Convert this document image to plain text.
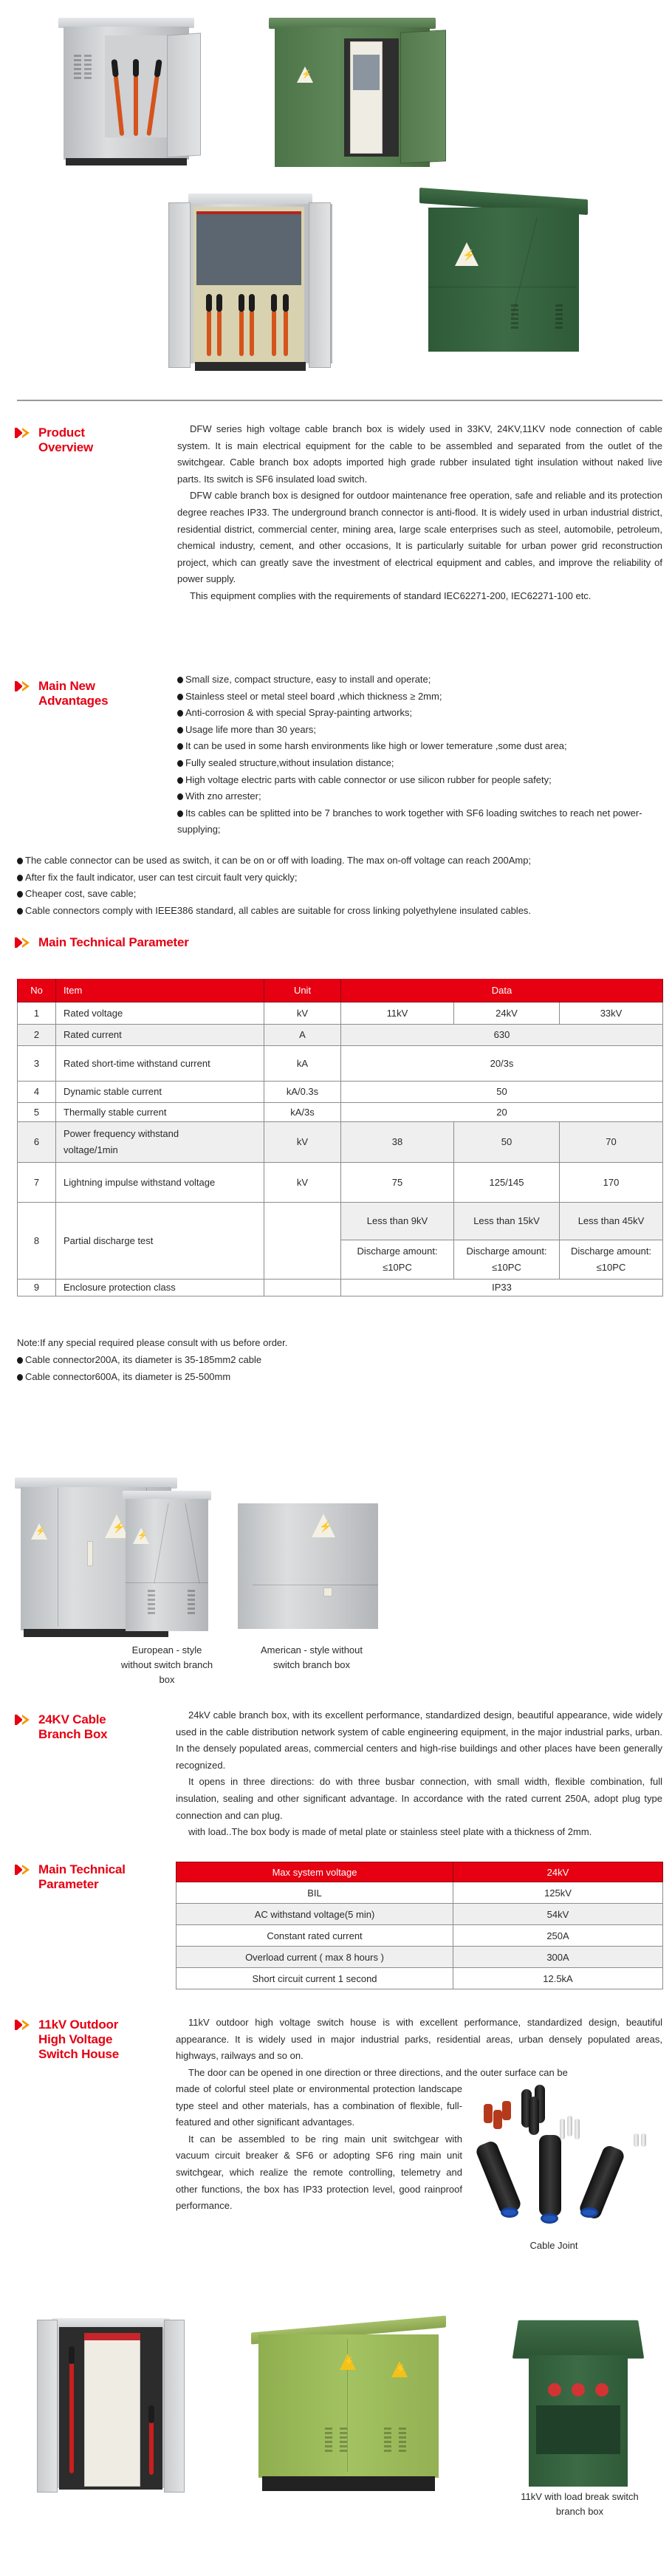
⚡
⚡
Product
Overview

DFW series high voltage cable branch box is widely used in 33KV, 24KV,11KV node connection of cable system. It is main electrical equipment for the cable to be assembled and separated from the outlet of the switchgear. Cable branch box adopts imported high grade rubber insulated tight insulation without naked live parts. Its switch is SF6 insulated load switch.

DFW cable branch box is designed for outdoor maintenance free operation, safe and reliable and its protection degree reaches IP33. The underground branch connector is anti-flood. It is widely used in urban industrial district, residential district, commercial center, mining area, large scale enterprises such as steel, automobile, petroleum, chemical industry, cement, and other occasions, It is particularly suitable for urban power grid reconstruction project, which can greatly save the investment of electrical equipment and cables, and improve the reliability of power supply.

This equipment complies with the requirements of standard IEC62271-200, IEC62271-100 etc.

Main New
Advantages
Small size, compact structure, easy to install and operate;
Stainless steel or metal steel board ,which thickness ≥ 2mm;
Anti-corrosion & with special Spray-painting artworks;
Usage life more than 30 years;
It can be used in some harsh environments like high or lower temerature ,some dust area;
Fully sealed structure,without insulation distance;
High voltage electric parts with cable connector or use silicon rubber for people safety;
With zno arrester;
Its cables can be splitted into be 7 branches to work together with SF6 loading switches to reach net power-supplying;
The cable connector can be used as switch, it can be on or off with loading. The max on-off voltage can reach 200Amp;
After fix the fault indicator, user can test circuit fault very quickly;
Cheaper cost, save cable;
Cable connectors comply with IEEE386 standard, all cables are suitable for cross linking polyethylene insulated cables.
Main Technical Parameter
No	Item	Unit	Data		
1	Rated voltage	kV	11kV	24kV	33kV
2	Rated current	A	630		
3	Rated short-time withstand current	kA	20/3s		
4	Dynamic stable current	kA/0.3s	50		
5	Thermally stable current	kA/3s	20		
6	Power frequency withstand voltage/1min	kV	38	50	70
7	Lightning impulse withstand voltage	kV	75	125/145	170
8	Partial discharge test		Less than 9kV	Less than 15kV	Less than 45kV
			Discharge amount: ≤10PC	Discharge amount: ≤10PC	Discharge amount: ≤10PC
9	Enclosure protection class		IP33		
Note:If any special required please consult with us before order.
Cable connector200A, its diameter is 35-185mm2 cable
Cable connector600A, its diameter is 25-500mm
⚡
⚡
⚡
European - style without switch branch box
⚡
American - style without switch branch box
24KV Cable
Branch Box

24kV cable branch box, with its excellent performance, standardized design, beautiful appearance, wide widely used in the cable distribution network system of cable engineering equipment, in the major industrial parks, urban. In the densely populated areas, commercial centers and high-rise buildings and other places have been generally recognized.

It opens in three directions: do with three busbar connection, with small width, flexible combination, full insulation, sealing and other significant advantage. In accordance with the rated current 250A, adopt plug type connection and can plug.

with load..The box body is made of metal plate or stainless steel plate with a thickness of 2mm.

Main Technical
Parameter
Max system voltage	24kV
BIL	125kV
AC withstand voltage(5 min)	54kV
Constant rated current	250A
Overload current ( max 8 hours )	300A
Short circuit current 1 second	12.5kA
11kV Outdoor
High Voltage
Switch House

11kV outdoor high voltage switch house is with excellent performance, standardized design, beautiful appearance. It is widely used in major industrial parks, residential areas, urban densely populated areas, highways, railways and so on.

The door can be opened in one direction or three directions, and the outer surface can be

made of colorful steel plate or environmental protection landscape type steel and other materials, has a combination of flexible, full-featured and other significant advantages.

It can be assembled to be ring main unit switchgear with vacuum circuit breaker & SF6 or adopting SF6 ring main unit switchgear, which realize the remote controlling, telemetry and other functions, the box has IP33 protection level, good rainproof performance.

Cable Joint
⚡
⚡
11kV with load break switch branch box
